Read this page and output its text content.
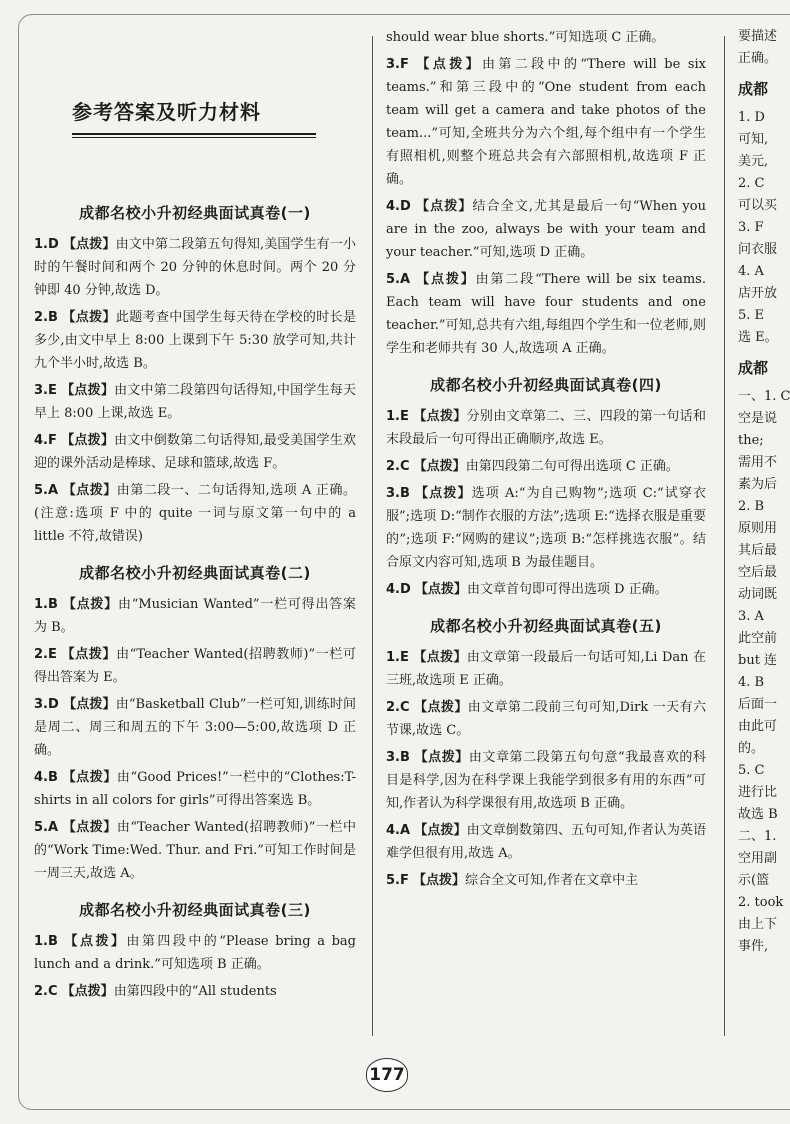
参考答案及听力材料
成都名校小升初经典面试真卷(一)

1.D 【点拨】由文中第二段第五句得知,美国学生有一小时的午餐时间和两个 20 分钟的休息时间。两个 20 分钟即 40 分钟,故选 D。

2.B 【点拨】此题考查中国学生每天待在学校的时长是多少,由文中早上 8:00 上课到下午 5:30 放学可知,共计九个半小时,故选 B。

3.E 【点拨】由文中第二段第四句话得知,中国学生每天早上 8:00 上课,故选 E。

4.F 【点拨】由文中倒数第二句话得知,最受美国学生欢迎的课外活动是棒球、足球和篮球,故选 F。

5.A 【点拨】由第二段一、二句话得知,选项 A 正确。(注意:选项 F 中的 quite 一词与原文第一句中的 a little 不符,故错误)

成都名校小升初经典面试真卷(二)

1.B 【点拨】由“Musician Wanted”一栏可得出答案为 B。

2.E 【点拨】由“Teacher Wanted(招聘教师)”一栏可得出答案为 E。

3.D 【点拨】由“Basketball Club”一栏可知,训练时间是周二、周三和周五的下午 3:00—5:00,故选项 D 正确。

4.B 【点拨】由“Good Prices!”一栏中的“Clothes:T-shirts in all colors for girls”可得出答案选 B。

5.A 【点拨】由“Teacher Wanted(招聘教师)”一栏中的“Work Time:Wed. Thur. and Fri.”可知工作时间是一周三天,故选 A。

成都名校小升初经典面试真卷(三)

1.B 【点拨】由第四段中的“Please bring a bag lunch and a drink.”可知选项 B 正确。

2.C 【点拨】由第四段中的“All students

should wear blue shorts.”可知选项 C 正确。

3.F 【点拨】由第二段中的“There will be six teams.”和第三段中的“One student from each team will get a camera and take photos of the team...”可知,全班共分为六个组,每个组中有一个学生有照相机,则整个班总共会有六部照相机,故选项 F 正确。

4.D 【点拨】结合全文,尤其是最后一句“When you are in the zoo, always be with your team and your teacher.”可知,选项 D 正确。

5.A 【点拨】由第二段“There will be six teams. Each team will have four students and one teacher.”可知,总共有六组,每组四个学生和一位老师,则学生和老师共有 30 人,故选项 A 正确。

成都名校小升初经典面试真卷(四)

1.E 【点拨】分别由文章第二、三、四段的第一句话和末段最后一句可得出正确顺序,故选 E。

2.C 【点拨】由第四段第二句可得出选项 C 正确。

3.B 【点拨】选项 A:“为自己购物”;选项 C:“试穿衣服”;选项 D:“制作衣服的方法”;选项 E:“选择衣服是重要的”;选项 F:“网购的建议”;选项 B:“怎样挑选衣服”。结合原文内容可知,选项 B 为最佳题目。

4.D 【点拨】由文章首句即可得出选项 D 正确。

成都名校小升初经典面试真卷(五)

1.E 【点拨】由文章第一段最后一句话可知,Li Dan 在三班,故选项 E 正确。

2.C 【点拨】由文章第二段前三句可知,Dirk 一天有六节课,故选 C。

3.B 【点拨】由文章第二段第五句句意“我最喜欢的科目是科学,因为在科学课上我能学到很多有用的东西”可知,作者认为科学课很有用,故选项 B 正确。

4.A 【点拨】由文章倒数第四、五句可知,作者认为英语难学但很有用,故选 A。

5.F 【点拨】综合全文可知,作者在文章中主

要描述

正确。

成都

1. D

可知,

美元,

2. C

可以买

3. F

问衣服

4. A

店开放

5. E

选 E。

成都

一、1. C

空是说

the;

需用不

素为后

2. B

原则用

其后最

空后最

动词既

3. A

此空前

but 连

4. B

后面一

由此可

的。

5. C

进行比

故选 B

二、1.

空用副

示(篮

2. took

由上下

事件,

177
